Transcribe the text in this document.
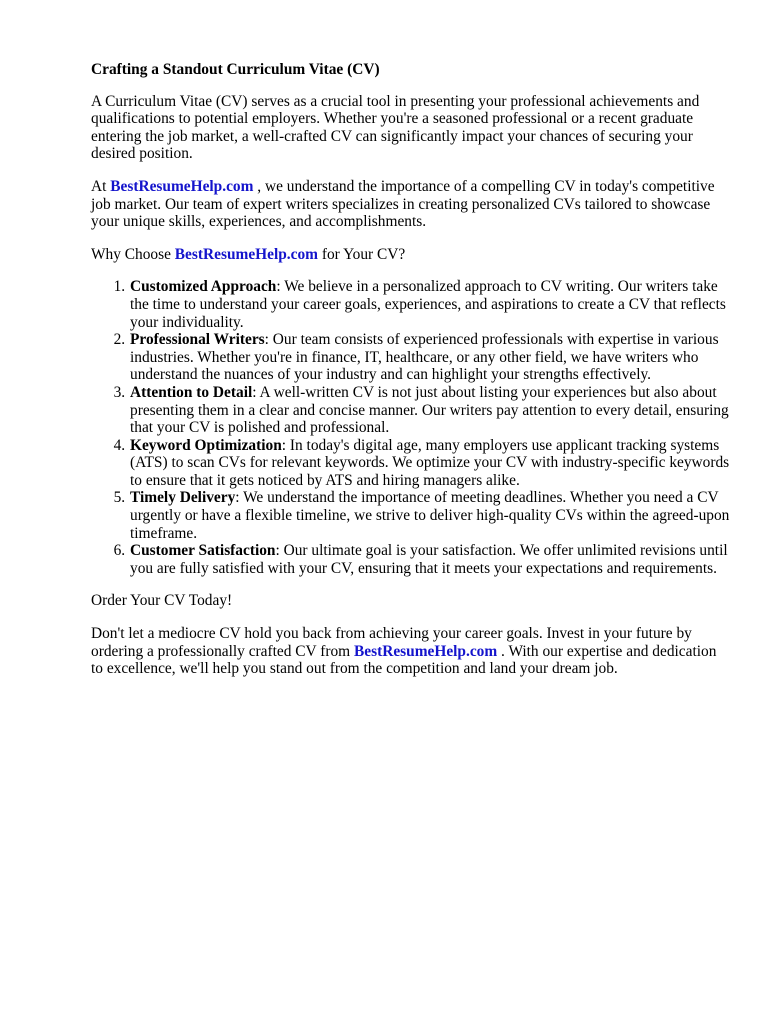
Crafting a Standout Curriculum Vitae (CV)

A Curriculum Vitae (CV) serves as a crucial tool in presenting your professional achievements and qualifications to potential employers. Whether you're a seasoned professional or a recent graduate entering the job market, a well-crafted CV can significantly impact your chances of securing your desired position.

At BestResumeHelp.com , we understand the importance of a compelling CV in today's competitive job market. Our team of expert writers specializes in creating personalized CVs tailored to showcase your unique skills, experiences, and accomplishments.

Why Choose BestResumeHelp.com for Your CV?

1. Customized Approach: We believe in a personalized approach to CV writing. Our writers take the time to understand your career goals, experiences, and aspirations to create a CV that reflects your individuality.
2. Professional Writers: Our team consists of experienced professionals with expertise in various industries. Whether you're in finance, IT, healthcare, or any other field, we have writers who understand the nuances of your industry and can highlight your strengths effectively.
3. Attention to Detail: A well-written CV is not just about listing your experiences but also about presenting them in a clear and concise manner. Our writers pay attention to every detail, ensuring that your CV is polished and professional.
4. Keyword Optimization: In today's digital age, many employers use applicant tracking systems (ATS) to scan CVs for relevant keywords. We optimize your CV with industry-specific keywords to ensure that it gets noticed by ATS and hiring managers alike.
5. Timely Delivery: We understand the importance of meeting deadlines. Whether you need a CV urgently or have a flexible timeline, we strive to deliver high-quality CVs within the agreed-upon timeframe.
6. Customer Satisfaction: Our ultimate goal is your satisfaction. We offer unlimited revisions until you are fully satisfied with your CV, ensuring that it meets your expectations and requirements.

Order Your CV Today!

Don't let a mediocre CV hold you back from achieving your career goals. Invest in your future by ordering a professionally crafted CV from BestResumeHelp.com . With our expertise and dedication to excellence, we'll help you stand out from the competition and land your dream job.
